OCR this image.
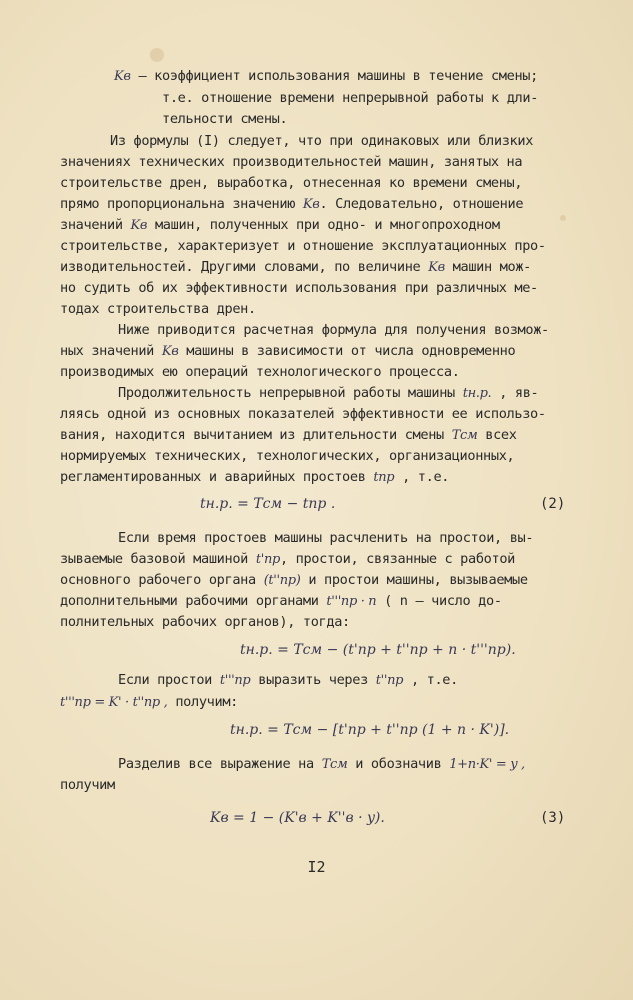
Kв – коэффициент использования машины в течение смены;
т.е. отношение времени непрерывной работы к дли-
тельности смены.
Из формулы (I) следует, что при одинаковых или близких
значениях технических производительностей машин, занятых на
строительстве дрен, выработка, отнесенная ко времени смены,
прямо пропорциональна значению Kв. Следовательно, отношение
значений Kв машин, полученных при одно- и многопроходном
строительстве, характеризует и отношение эксплуатационных про-
изводительностей. Другими словами, по величине Kв машин мож-
но судить об их эффективности использования при различных ме-
тодах строительства дрен.
Ниже приводится расчетная формула для получения возмож-
ных значений Kв машины в зависимости от числа одновременно
производимых ею операций технологического процесса.
Продолжительность непрерывной работы машины tн.р. , яв-
ляясь одной из основных показателей эффективности ее использо-
вания, находится вычитанием из длительности смены Tсм всех
нормируемых технических, технологических, организационных,
регламентированных и аварийных простоев tпр , т.е.
tн.р. = Tсм − tпр .	(2)
Если время простоев машины расчленить на простои, вы-
зываемые базовой машиной t'пр, простои, связанные с работой
основного рабочего органа (t''пр) и простои машины, вызываемые
дополнительными рабочими органами t'''пр · n ( n – число до-
полнительных рабочих органов), тогда:
tн.р. = Tсм − (t'пр + t''пр + n · t'''пр).
Если простои t'''пр выразить через t''пр , т.е.
t'''пр = K' · t''пр , получим:
tн.р. = Tсм − [t'пр + t''пр (1 + n · K')].
Разделив все выражение на Tсм и обозначив 1+n·K' = y ,
получим
Kв = 1 − (K'в + K''в · y).	(3)
I2
